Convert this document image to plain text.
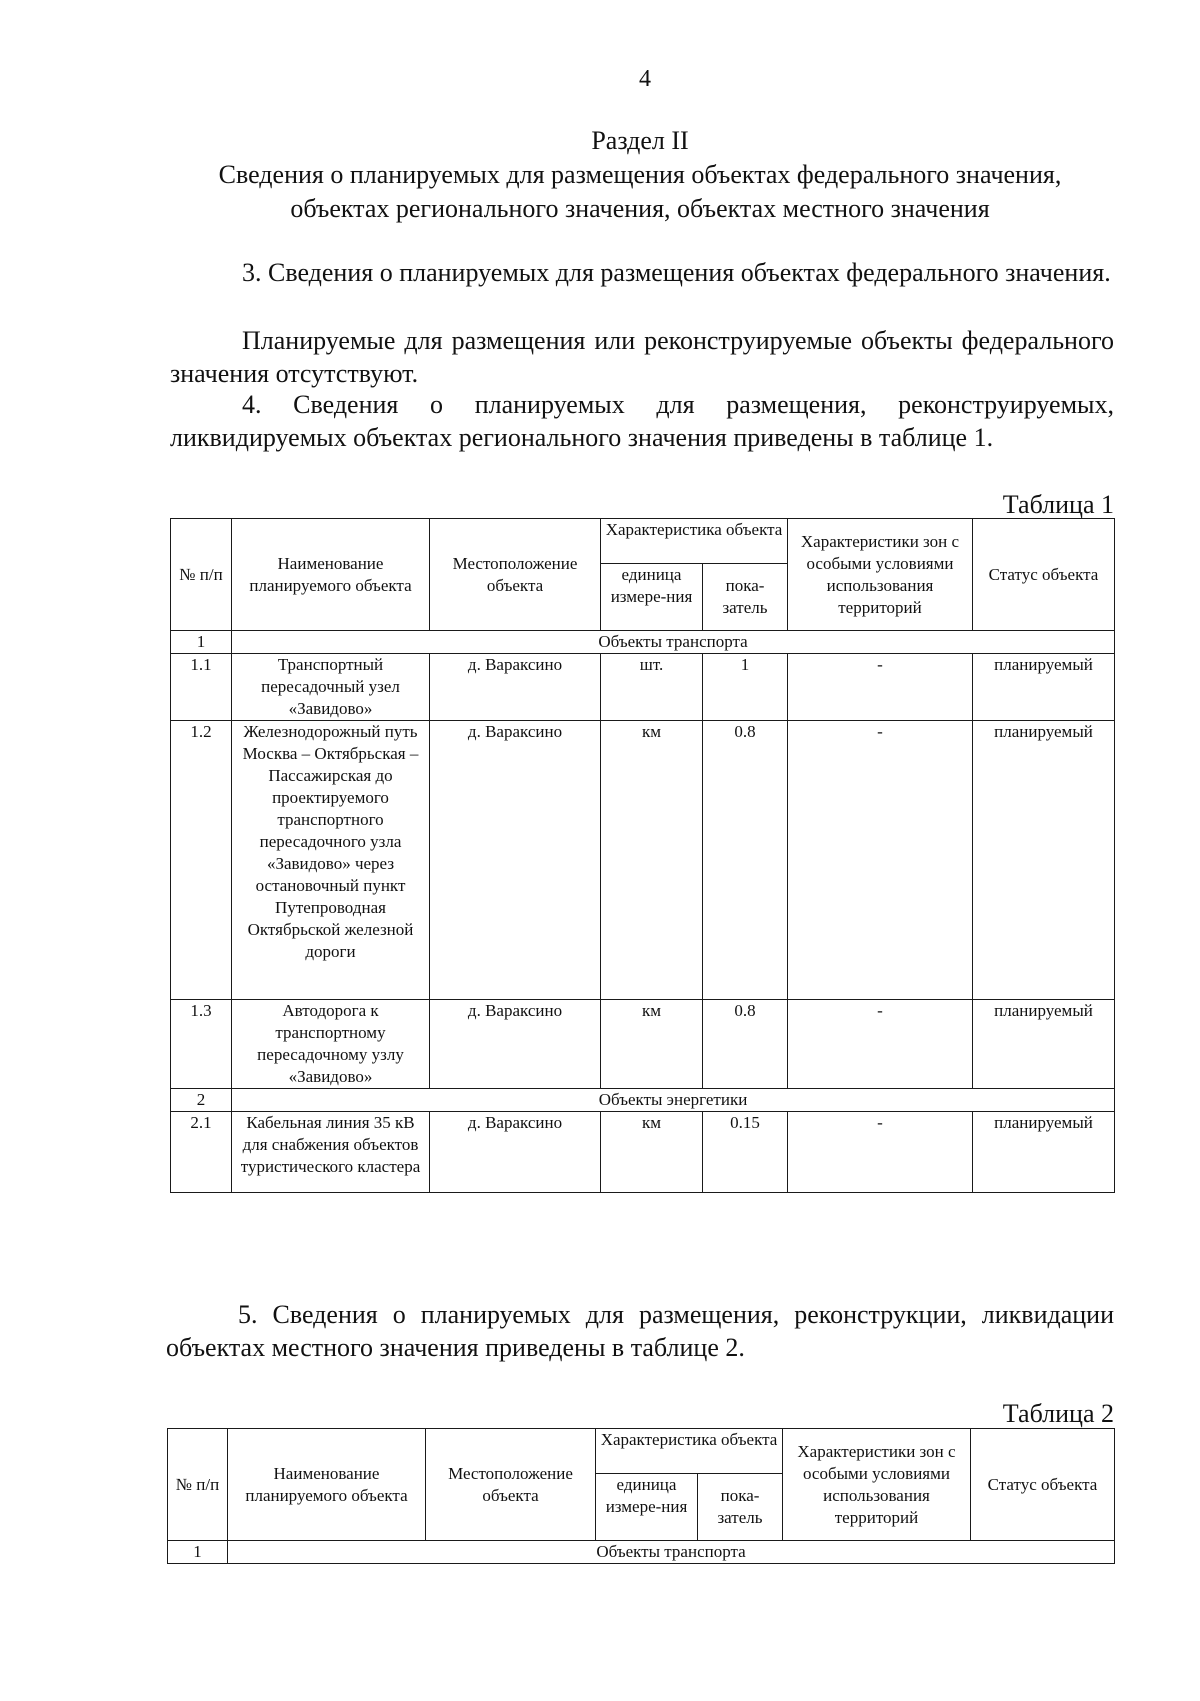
4
Раздел II
Сведения о планируемых для размещения объектах федерального значения, объектах регионального значения, объектах местного значения
3. Сведения о планируемых для размещения объектах федерального значения.
Планируемые для размещения или реконструируемые объекты федерального значения отсутствуют.
4. Сведения о планируемых для размещения, реконструируемых, ликвидируемых объектах регионального значения приведены в таблице 1.
Таблица 1
№ п/п	Наименование планируемого объекта	Местоположение объекта	Характеристика объекта		Характеристики зон с особыми условиями использования территорий	Статус объекта
			единица измере-ния	пока-затель		
1	Объекты транспорта					
1.1	Транспортный пересадочный узел «Завидово»	д. Вараксино	шт.	1	-	планируемый
1.2	Железнодорожный путь Москва – Октябрьская – Пассажирская до проектируемого транспортного пересадочного узла «Завидово» через остановочный пункт Путепроводная Октябрьской железной дороги	д. Вараксино	км	0.8	-	планируемый
1.3	Автодорога к транспортному пересадочному узлу «Завидово»	д. Вараксино	км	0.8	-	планируемый
2	Объекты энергетики					
2.1	Кабельная линия 35 кВ для снабжения объектов туристического кластера	д. Вараксино	км	0.15	-	планируемый
5. Сведения о планируемых для размещения, реконструкции, ликвидации объектах местного значения приведены в таблице 2.
Таблица 2
№ п/п	Наименование планируемого объекта	Местоположение объекта	Характеристика объекта		Характеристики зон с особыми условиями использования территорий	Статус объекта
			единица измере-ния	пока-затель		
1	Объекты транспорта					
